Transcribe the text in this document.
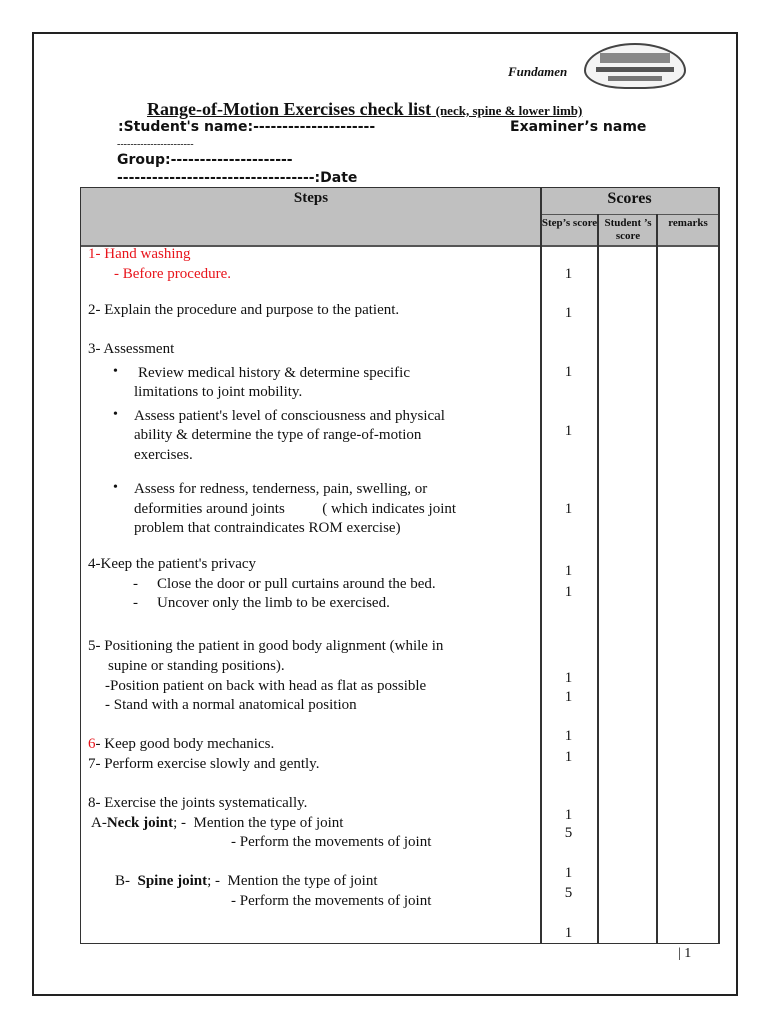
Fundamen
Range-of-Motion Exercises check list (neck, spine & lower limb)
:Student's name:---------------------	Examiner’s name
-----------------------
Group:---------------------
----------------------------------:Date
Steps	Scores
Step’s score Student ’s score
remarks
1- Hand washing
- Before procedure.
2- Explain the procedure and purpose to the patient.
3- Assessment
• Review medical history & determine specific
limitations to joint mobility.
• Assess patient's level of consciousness and physical
ability & determine the type of range-of-motion
exercises.
• Assess for redness, tenderness, pain, swelling, or
deformities around joints          ( which indicates joint
problem that contraindicates ROM exercise)
4-Keep the patient's privacy
- Close the door or pull curtains around the bed.
- Uncover only the limb to be exercised.
5- Positioning the patient in good body alignment (while in
supine or standing positions).
-Position patient on back with head as flat as possible
- Stand with a normal anatomical position
6- Keep good body mechanics.
7- Perform exercise slowly and gently.
8- Exercise the joints systematically.
A-Neck joint; -  Mention the type of joint
- Perform the movements of joint
B-  Spine joint; -  Mention the type of joint
- Perform the movements of joint
1
1
1
1
1
1
1
1
1
1
1
1
5
1
5
1
| 1
